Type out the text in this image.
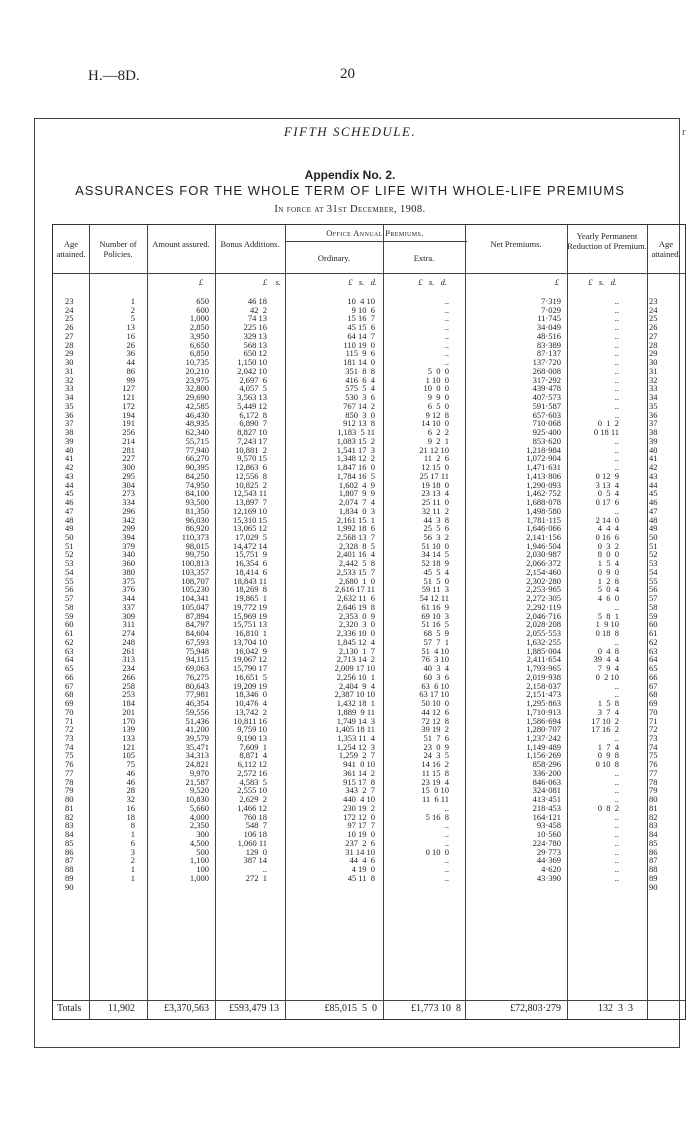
H.—8D.	20
r
FIFTH SCHEDULE.
Appendix No. 2.
ASSURANCES FOR THE WHOLE TERM OF LIFE WITH WHOLE-LIFE PREMIUMS
In force at 31st December, 1908.
Age attained.
Number of Policies.
Amount assured.	Bonus Additions.
Office Annual Premiums.
Ordinary.	Extra.
Net Premiums.
Yearly Permanent Reduction of Premium.	Age attained.
£	£    s.	£   s.   d.	£   s.   d.	£	£   s.   d.
23	1	650	46 18	10  4 10	..	7·319	..	23
24	2	600	42  2	9 10  6	..	7·029	..	24
25	5	1,000	74 13	15 16  7	..	11·745	..	25
26	13	2,850	225 16	45 15  6	..	34·049	..	26
27	16	3,950	329 13	64 14  7	..	48·516	..	27
28	26	6,650	568 13	110 19  0	..	83·389	..	28
29	36	6,850	650 12	115  9  6	..	87·137	..	29
30	44	10,735	1,150 10	181 14  0	..	137·720	..	30
31	86	20,210	2,042 10	351  8  8	5  0  0	268·008	..	31
32	99	23,975	2,697  6	416  6  4	1 10  0	317·292	..	32
33	127	32,800	4,057  5	575  5  4	10  0  0	439·478	..	33
34	121	29,690	3,563 13	530  3  6	9  9  0	407·573	..	34
35	172	42,585	5,449 12	767 14  2	6  5  0	591·587	..	35
36	194	46,430	6,172  8	850  3  0	9 12  8	657·603	..	36
37	191	48,935	6,890  7	912 13  8	14 10  0	710·068	0  1  2	37
38	256	62,340	8,827 10	1,183  5 11	6  2  2	925·400	0 18 11	38
39	214	55,715	7,243 17	1,083 15  2	9  2  1	853·620	..	39
40	281	77,940	10,881  2	1,541 17  3	21 12 10	1,218·984	..	40
41	227	66,270	9,570 15	1,348 12  2	11  2  6	1,072·904	..	41
42	300	90,395	12,863  6	1,847 16  0	12 15  0	1,471·631	..	42
43	295	84,250	12,556  8	1,784 16  5	25 17 11	1,413·806	0 12  9	43
44	304	74,950	10,825  2	1,602  4  9	19 18  0	1,290·093	3 13  4	44
45	273	84,100	12,543 11	1,807  9  9	23 13  4	1,462·752	0  5  4	45
46	334	93,500	13,897  7	2,074  7  4	25 11  0	1,688·078	0 17  6	46
47	296	81,350	12,169 10	1,834  0  3	32 11  2	1,498·580	..	47
48	342	96,030	15,310 15	2,161 15  1	44  3  8	1,781·115	2 14  0	48
49	299	86,920	13,065 12	1,992 18  6	25  5  6	1,646·066	4  4  4	49
50	394	110,373	17,029  5	2,568 13  7	56  3  2	2,141·156	0 16  6	50
51	379	98,015	14,472 14	2,328  8  5	51 10  0	1,946·504	0  3  2	51
52	340	99,750	15,751  9	2,401 16  4	34 14  5	2,030·987	8  0  0	52
53	360	100,813	16,354  6	2,442  5  8	52 18  9	2,066·372	1  5  4	53
54	380	103,357	18,414  6	2,533 15  7	45  5  4	2,154·460	0  9  0	54
55	375	108,707	18,843 11	2,680  1  0	51  5  0	2,302·280	1  2  8	55
56	376	105,230	18,269  8	2,616 17 11	59 11  3	2,253·965	5  0  4	56
57	344	104,341	19,865  1	2,632 11  6	54 12 11	2,272·305	4  6  0	57
58	337	105,047	19,772 19	2,646 19  8	61 16  9	2,292·119	..	58
59	309	87,894	15,969 19	2,353  0  9	69 10  3	2,046·716	5  8  1	59
60	311	84,797	15,751 13	2,320  3  0	51 16  5	2,028·208	1  9 10	60
61	274	84,604	16,810  1	2,336 10  0	68  5  9	2,055·553	0 18  8	61
62	248	67,593	13,704 10	1,845 12  4	57  7  1	1,632·255	..	62
63	261	75,948	16,042  9	2,130  1  7	51  4 10	1,885·004	0  4  8	63
64	313	94,115	19,067 12	2,713 14  2	76  3 10	2,411·654	39  4  4	64
65	234	69,063	15,790 17	2,009 17 10	40  3  4	1,793·965	7  9  4	65
66	266	76,275	16,651  5	2,256 10  1	60  3  6	2,019·938	0  2 10	66
67	258	80,643	19,209 19	2,404  9  4	63  6 10	2,158·037	..	67
68	253	77,981	18,346  0	2,387 10 10	63 17 10	2,151·473	..	68
69	184	46,354	10,476  4	1,432 18  1	50 10  0	1,295·863	1  5  8	69
70	201	59,556	13,742  2	1,889  9 11	44 12  6	1,710·913	3  7  4	70
71	170	51,436	10,811 16	1,749 14  3	72 12  8	1,586·694	17 10  2	71
72	139	41,200	9,759 10	1,405 18 11	39 19  2	1,280·707	17 16  2	72
73	133	39,579	9,190 13	1,353 11  4	51  7  6	1,237·242	..	73
74	121	35,471	7,609  1	1,254 12  3	23  0  9	1,149·489	1  7  4	74
75	105	34,313	8,871  4	1,259  2  7	24  3  5	1,156·269	0  9  8	75
76	75	24,821	6,112 12	941  0 10	14 16  2	858·296	0 10  8	76
77	46	9,970	2,572 16	361 14  2	11 15  8	336·200	..	77
78	46	21,587	4,583  5	915 17  8	23 19  4	846·063	..	78
79	28	9,520	2,555 10	343  2  7	15  0 10	324·081	..	79
80	32	10,830	2,629  2	440  4 10	11  6 11	413·451	..	80
81	16	5,660	1,466 12	230 19  2	..	218·453	0  8  2	81
82	18	4,000	760 18	172 12  0	5 16  8	164·121	..	82
83	8	2,350	548  7	97 17  7	..	93·458	..	83
84	1	300	106 18	10 19  0	..	10·560	..	84
85	6	4,500	1,060 11	237  2  6	..	224·780	..	85
86	3	500	129  0	31 14 10	0 10  0	29·773	..	86
87	2	1,100	387 14	44  4  6	..	44·369	..	87
88	1	100	..	4 19  0	..	4·620	..	88
89	1	1,000	272  1	45 11  8	..	43·390	..	89
90	90
Totals	11,902	£3,370,563	£593,479 13	£85,015  5  0	£1,773 10  8	£72,803·279	132  3  3
